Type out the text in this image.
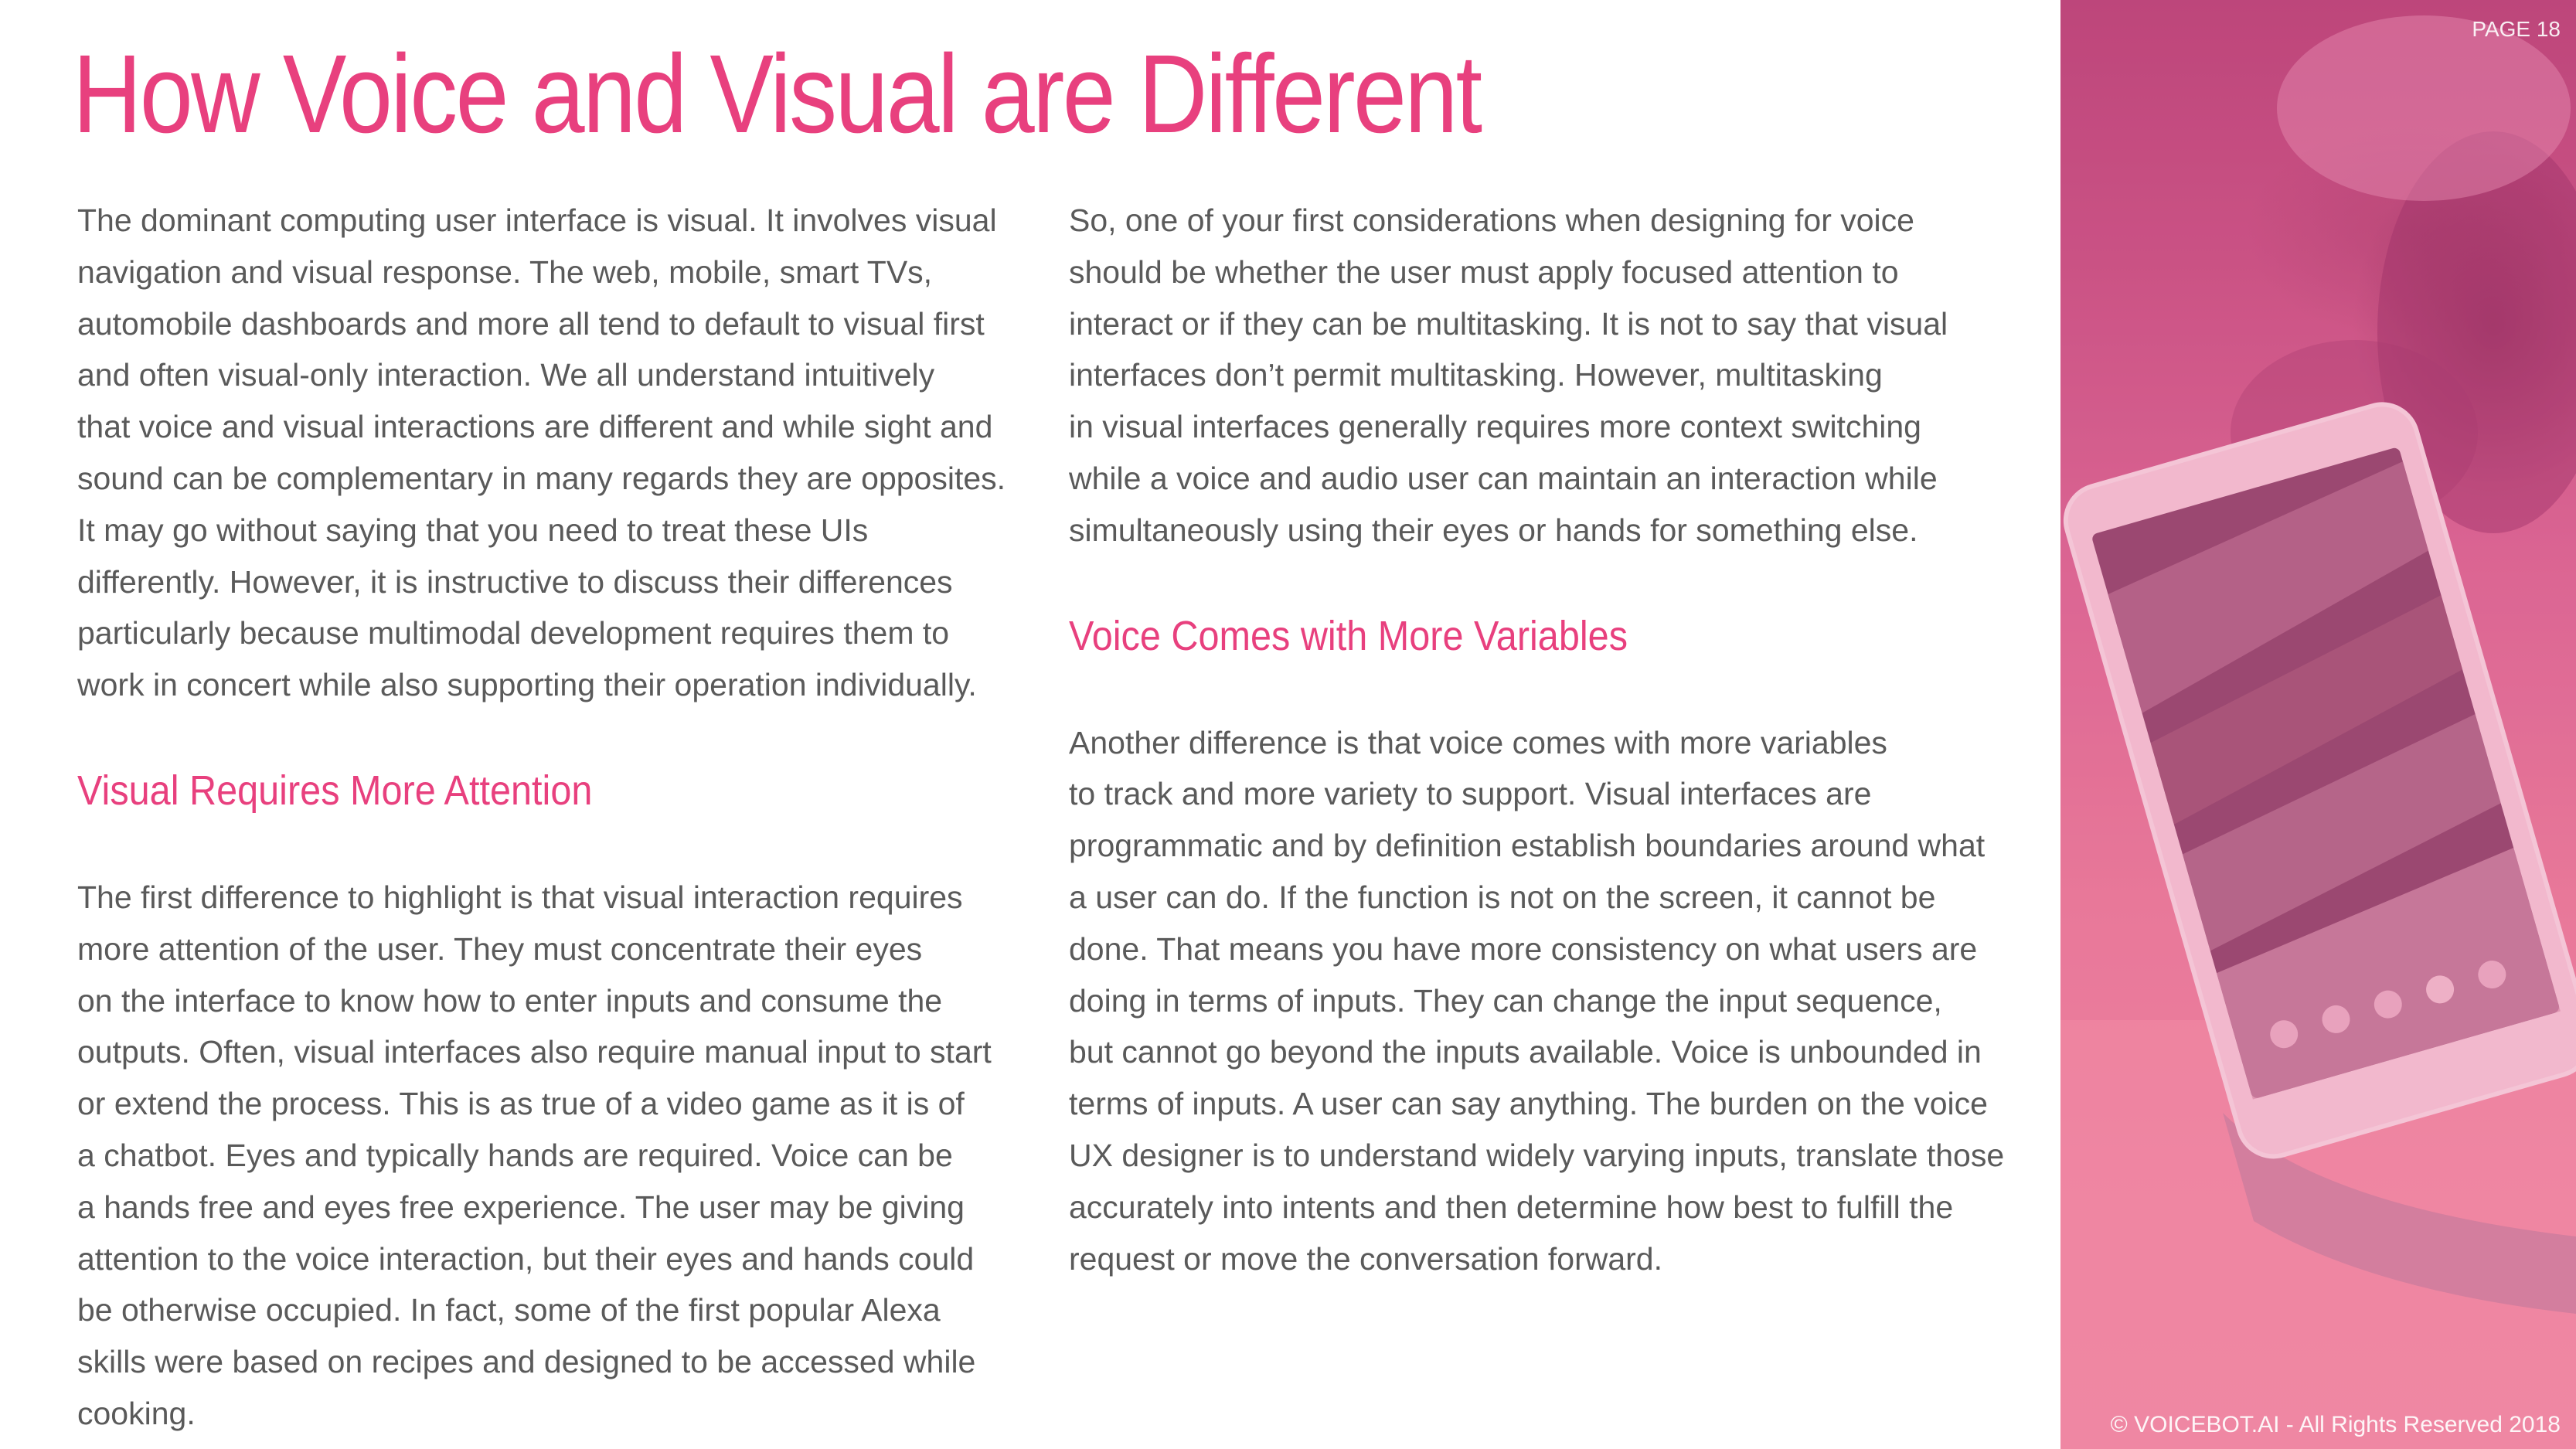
How Voice and Visual are Different

The dominant computing user interface is visual. It involves visual
navigation and visual response. The web, mobile, smart TVs,
automobile dashboards and more all tend to default to visual first
and often visual-only interaction. We all understand intuitively
that voice and visual interactions are different and while sight and
sound can be complementary in many regards they are opposites.
It may go without saying that you need to treat these UIs
differently. However, it is instructive to discuss their differences
particularly because multimodal development requires them to
work in concert while also supporting their operation individually.

Visual Requires More Attention

The first difference to highlight is that visual interaction requires
more attention of the user. They must concentrate their eyes
on the interface to know how to enter inputs and consume the
outputs. Often, visual interfaces also require manual input to start
or extend the process. This is as true of a video game as it is of
a chatbot. Eyes and typically hands are required. Voice can be
a hands free and eyes free experience. The user may be giving
attention to the voice interaction, but their eyes and hands could
be otherwise occupied. In fact, some of the first popular Alexa
skills were based on recipes and designed to be accessed while
cooking.

So, one of your first considerations when designing for voice
should be whether the user must apply focused attention to
interact or if they can be multitasking. It is not to say that visual
interfaces don’t permit multitasking. However, multitasking
in visual interfaces generally requires more context switching
while a voice and audio user can maintain an interaction while
simultaneously using their eyes or hands for something else.

Voice Comes with More Variables

Another difference is that voice comes with more variables
to track and more variety to support. Visual interfaces are
programmatic and by definition establish boundaries around what
a user can do. If the function is not on the screen, it cannot be
done. That means you have more consistency on what users are
doing in terms of inputs. They can change the input sequence,
but cannot go beyond the inputs available. Voice is unbounded in
terms of inputs. A user can say anything. The burden on the voice
UX designer is to understand widely varying inputs, translate those
accurately into intents and then determine how best to fulfill the
request or move the conversation forward.

PAGE 18
© VOICEBOT.AI - All Rights Reserved 2018
